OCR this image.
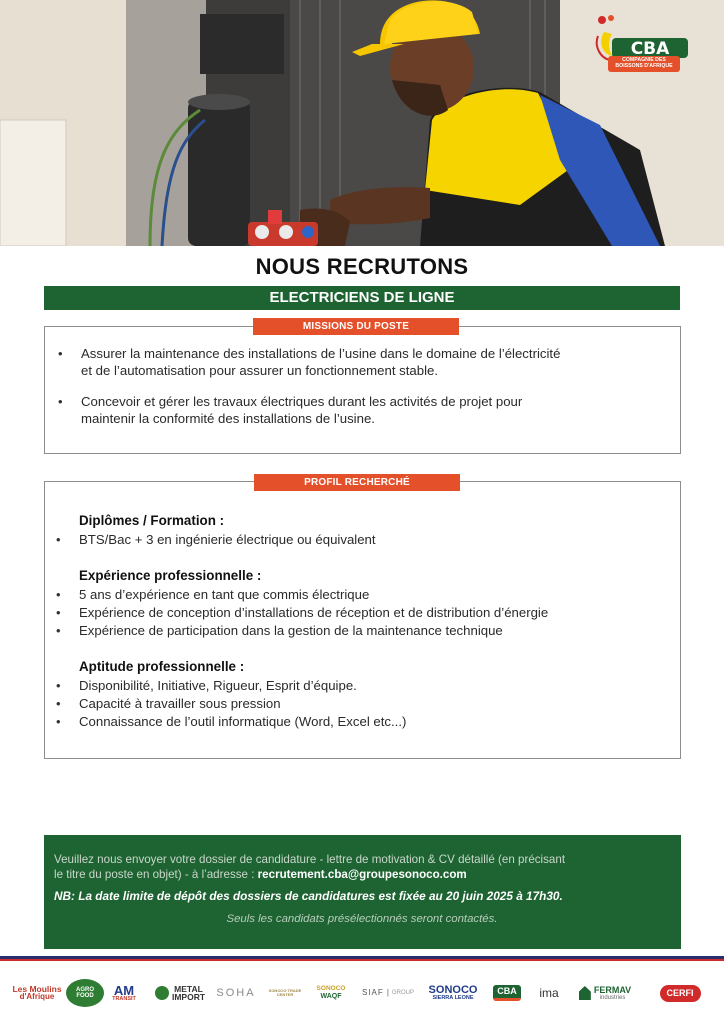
CBA
COMPAGNIE DES BOISSONS D'AFRIQUE
NOUS RECRUTONS
ELECTRICIENS DE LIGNE
MISSIONS DU POSTE
• Assurer la maintenance des installations de l’usine dans le domaine de l’électricité
et de l’automatisation pour assurer un fonctionnement stable.
• Concevoir et gérer les travaux électriques durant les activités de projet pour
maintenir la conformité des installations de l’usine.
PROFIL RECHERCHÉ
Diplômes / Formation :
• BTS/Bac + 3 en ingénierie électrique ou équivalent
Expérience professionnelle :
• 5 ans d’expérience en tant que commis électrique
• Expérience de conception d’installations de réception et de distribution d’énergie
• Expérience de participation dans la gestion de la maintenance technique
Aptitude professionnelle :
• Disponibilité, Initiative, Rigueur, Esprit d’équipe.
• Capacité à travailler sous pression
• Connaissance de l’outil informatique (Word, Excel etc...)
Veuillez nous envoyer votre dossier de candidature - lettre de motivation & CV détaillé (en précisant
le titre du poste en objet) - à l’adresse : recrutement.cba@groupesonoco.com
NB: La date limite de dépôt des dossiers de candidatures est fixée au 20 juin 2025 à 17h30.
Seuls les candidats présélectionnés seront contactés.
Les Moulins
d'Afrique
AGRO FOOD	AM
TRANSIT
METAL
IMPORT SOHA	SONOCO TRADE CENTER
SONOCO
WAQF	SIAF | GROUP SONOCO
SIERRA LEONE
CBA	ima	FERMAV
industries	CERFI
